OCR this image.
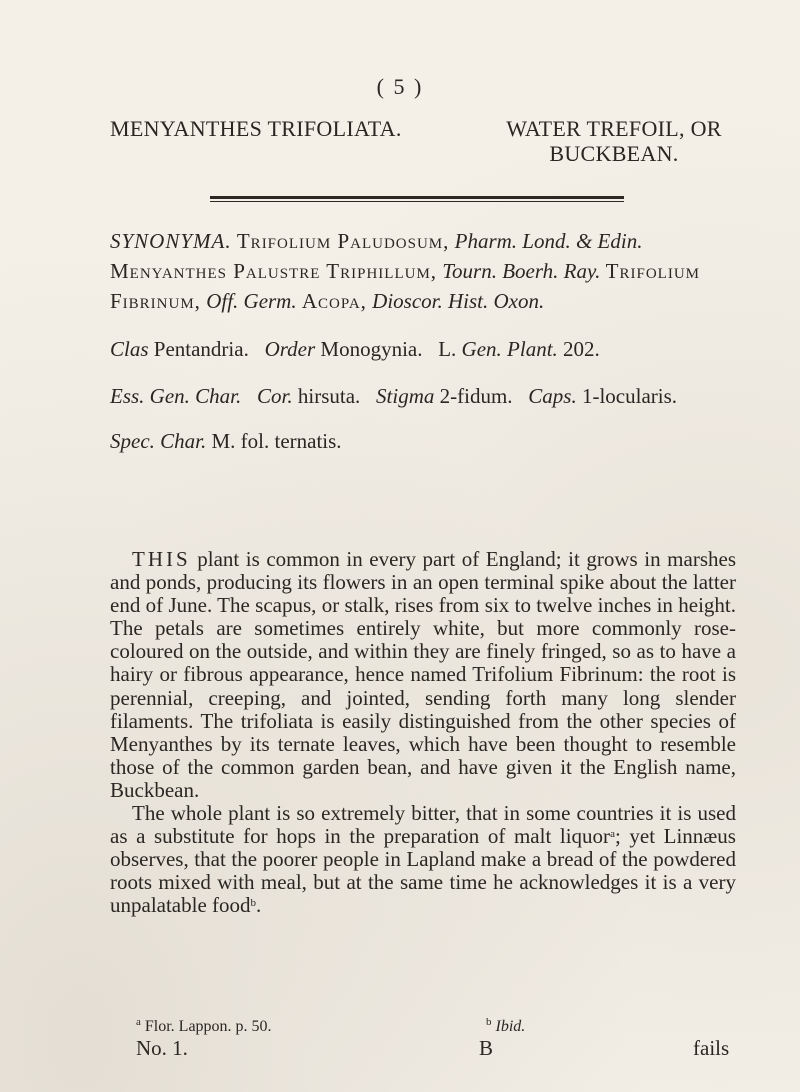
( 5 )
MENYANTHES TRIFOLIATA.	WATER TREFOIL, OR
BUCKBEAN.
SYNONYMA. Trifolium Paludosum, Pharm. Lond. & Edin. Menyanthes Palustre Triphillum, Tourn. Boerh. Ray. Trifolium Fibrinum, Off. Germ. Acopa, Dioscor. Hist. Oxon.
Clas Pentandria. Order Monogynia. L. Gen. Plant. 202.
Ess. Gen. Char. Cor. hirsuta. Stigma 2-fidum. Caps. 1-locularis.
Spec. Char. M. fol. ternatis.

THIS plant is common in every part of England; it grows in marshes and ponds, producing its flowers in an open terminal spike about the latter end of June. The scapus, or stalk, rises from six to twelve inches in height. The petals are sometimes entirely white, but more commonly rose-coloured on the outside, and within they are finely fringed, so as to have a hairy or fibrous appearance, hence named Trifolium Fibrinum: the root is perennial, creeping, and jointed, sending forth many long slender filaments. The trifoliata is easily distinguished from the other species of Menyanthes by its ternate leaves, which have been thought to resemble those of the common garden bean, and have given it the English name, Buckbean.

The whole plant is so extremely bitter, that in some countries it is used as a substitute for hops in the preparation of malt liquor$^a$; yet Linnæus observes, that the poorer people in Lapland make a bread of the powdered roots mixed with meal, but at the same time he acknowledges it is a very unpalatable food$^b$.

$^a$ Flor. Lappon. p. 50.	$^b$ Ibid.
No. 1.	B	fails
